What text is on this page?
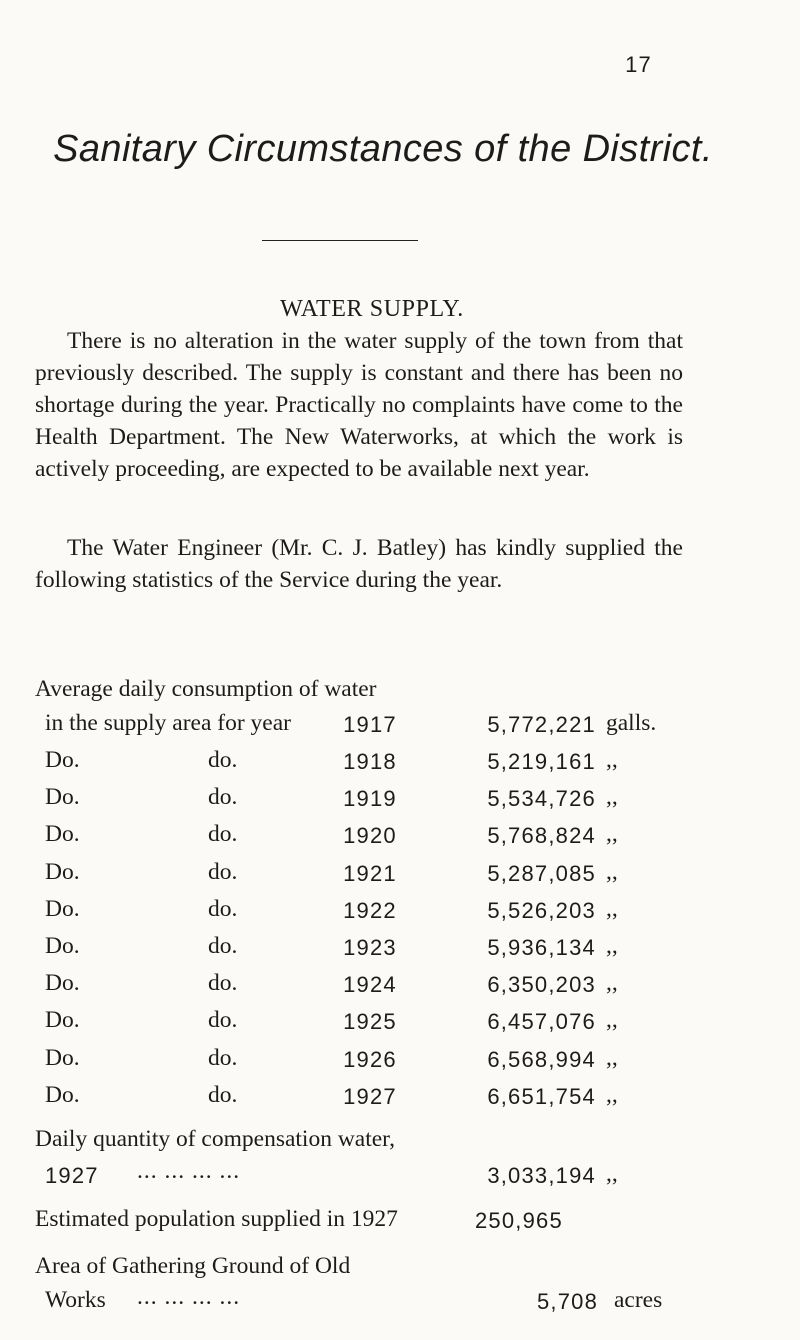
17
Sanitary Circumstances of the District.
WATER SUPPLY.

There is no alteration in the water supply of the town from that previously described. The supply is constant and there has been no shortage during the year. Practically no complaints have come to the Health Department. The New Waterworks, at which the work is actively proceeding, are expected to be available next year.

The Water Engineer (Mr. C. J. Batley) has kindly supplied the following statistics of the Service during the year.

Average daily consumption of water
in the supply area for year	1917	5,772,221 galls.
Do.	do.	1918	5,219,161 ,,
Do.	do.	1919	5,534,726 ,,
Do.	do.	1920	5,768,824 ,,
Do.	do.	1921	5,287,085 ,,
Do.	do.	1922	5,526,203 ,,
Do.	do.	1923	5,936,134 ,,
Do.	do.	1924	6,350,203 ,,
Do.	do.	1925	6,457,076 ,,
Do.	do.	1926	6,568,994 ,,
Do.	do.	1927	6,651,754 ,,
Daily quantity of compensation water,
1927 ... ... ... ...	3,033,194 ,,
Estimated population supplied in 1927	250,965
Area of Gathering Ground of Old
Works ... ... ... ...	5,708 acres
